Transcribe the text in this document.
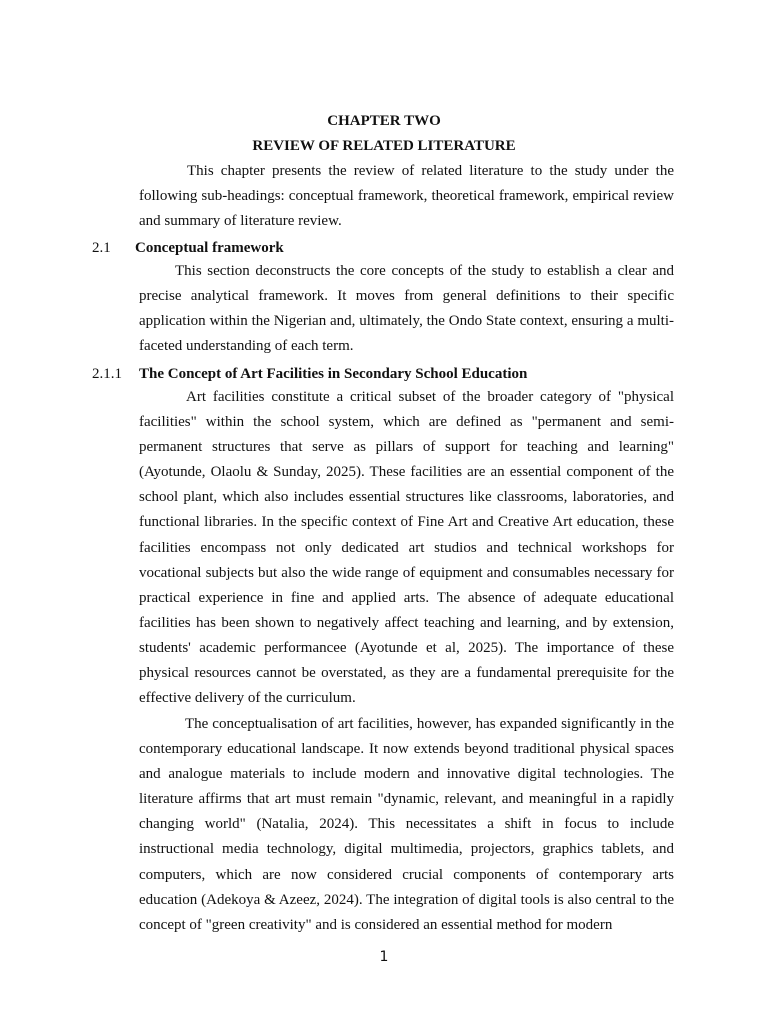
CHAPTER TWO
REVIEW OF RELATED LITERATURE

This chapter presents the review of related literature to the study under the following sub-headings: conceptual framework, theoretical framework, empirical review and summary of literature review.

2.1 Conceptual framework

This section deconstructs the core concepts of the study to establish a clear and precise analytical framework. It moves from general definitions to their specific application within the Nigerian and, ultimately, the Ondo State context, ensuring a multi-faceted understanding of each term.

2.1.1 The Concept of Art Facilities in Secondary School Education

Art facilities constitute a critical subset of the broader category of "physical facilities" within the school system, which are defined as "permanent and semi-permanent structures that serve as pillars of support for teaching and learning" (Ayotunde, Olaolu & Sunday, 2025). These facilities are an essential component of the school plant, which also includes essential structures like classrooms, laboratories, and functional libraries. In the specific context of Fine Art and Creative Art education, these facilities encompass not only dedicated art studios and technical workshops for vocational subjects but also the wide range of equipment and consumables necessary for practical experience in fine and applied arts. The absence of adequate educational facilities has been shown to negatively affect teaching and learning, and by extension, students' academic performancee (Ayotunde et al, 2025). The importance of these physical resources cannot be overstated, as they are a fundamental prerequisite for the effective delivery of the curriculum.

The conceptualisation of art facilities, however, has expanded significantly in the contemporary educational landscape. It now extends beyond traditional physical spaces and analogue materials to include modern and innovative digital technologies. The literature affirms that art must remain "dynamic, relevant, and meaningful in a rapidly changing world" (Natalia, 2024). This necessitates a shift in focus to include instructional media technology, digital multimedia, projectors, graphics tablets, and computers, which are now considered crucial components of contemporary arts education (Adekoya & Azeez, 2024). The integration of digital tools is also central to the concept of "green creativity" and is considered an essential method for modern

1
